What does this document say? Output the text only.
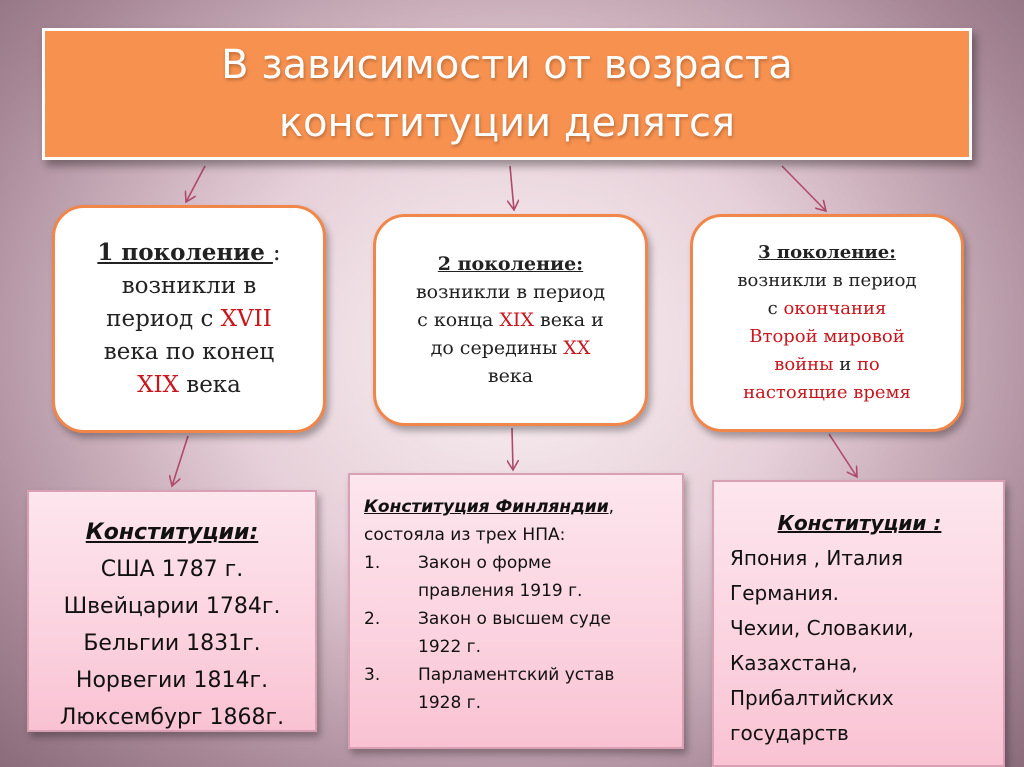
В зависимости от возраста
конституции делятся
1 поколение :
возникли в
период с XVII
века по конец
XIX века
2 поколение:
возникли в период
с конца XIX века и
до середины XX
века
3 поколение:
возникли в период
с окончания
Второй мировой
войны и по
настоящие время
Конституции:
США 1787 г.
Швейцарии 1784г.
Бельгии 1831г.
Норвегии 1814г.
Люксембург 1868г.
Конституция Финляндии,
состояла из трех НПА:
1.	Закон о форме
правления 1919 г.
2.	Закон о высшем суде
1922 г.
3.	Парламентский устав
1928 г.
Конституции :
Япония , Италия
Германия.
Чехии, Словакии,
Казахстана,
Прибалтийских
государств
